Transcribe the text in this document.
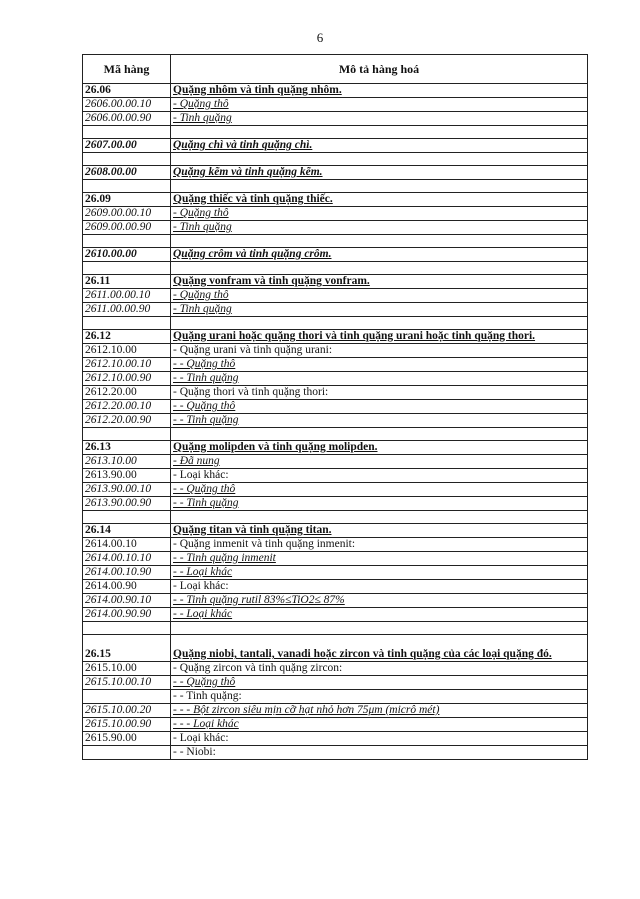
6
Mã hàng	Mô tả hàng hoá
26.06	Quặng nhôm và tinh quặng nhôm.
2606.00.00.10	- Quặng thô
2606.00.00.90	- Tinh quặng

2607.00.00	Quặng chì và tinh quặng chì.

2608.00.00	Quặng kẽm và tinh quặng kẽm.

26.09	Quặng thiếc và tinh quặng thiếc.
2609.00.00.10	- Quặng thô
2609.00.00.90	- Tinh quặng

2610.00.00	Quặng crôm và tinh quặng crôm.

26.11	Quặng vonfram và tinh quặng vonfram.
2611.00.00.10	- Quặng thô
2611.00.00.90	- Tinh quặng

26.12	Quặng urani hoặc quặng thori và tinh quặng urani hoặc tinh quặng thori.
2612.10.00	- Quặng urani và tinh quặng urani:
2612.10.00.10	- - Quặng thô
2612.10.00.90	- - Tinh quặng
2612.20.00	- Quặng thori và tinh quặng thori:
2612.20.00.10	- - Quặng thô
2612.20.00.90	- - Tinh quặng

26.13	Quặng molipden và tinh quặng molipden.
2613.10.00	- Đã nung
2613.90.00	- Loại khác:
2613.90.00.10	- - Quặng thô
2613.90.00.90	- - Tinh quặng

26.14	Quặng titan và tinh quặng titan.
2614.00.10	- Quặng inmenit và tinh quặng inmenit:
2614.00.10.10	- - Tinh quặng inmenit
2614.00.10.90	- - Loại khác
2614.00.90	- Loại khác:
2614.00.90.10	- - Tinh quặng rutil 83%≤TiO2≤ 87%
2614.00.90.90	- - Loại khác

26.15	Quặng niobi, tantali, vanadi hoặc zircon và tinh quặng của các loại quặng đó.
2615.10.00	- Quặng zircon và tinh quặng zircon:
2615.10.00.10	- - Quặng thô
	- - Tinh quặng:
2615.10.00.20	- - - Bột zircon siêu mịn cỡ hạt nhỏ hơn 75μm (micrô mét)
2615.10.00.90	- - - Loại khác
2615.90.00	- Loại khác:
	- - Niobi:
